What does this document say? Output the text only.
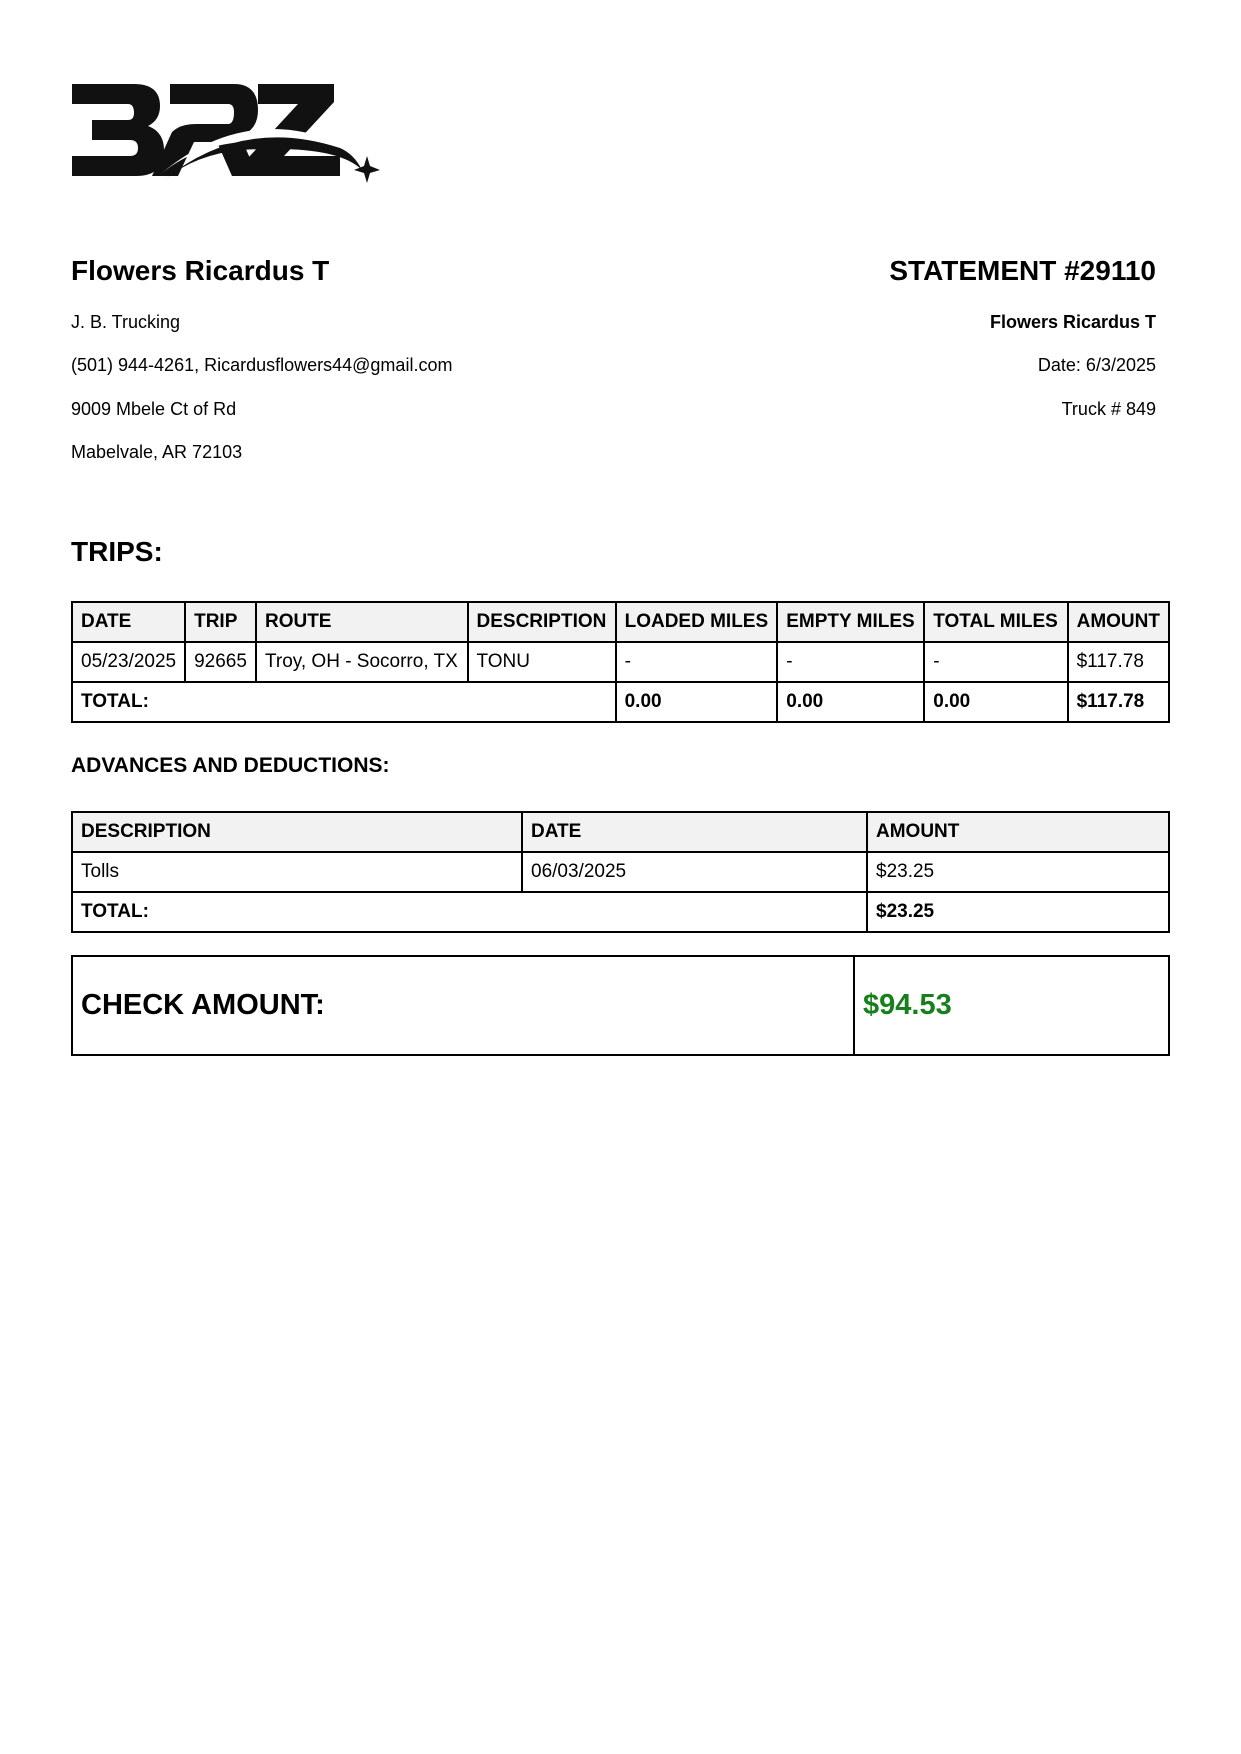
Flowers Ricardus T

J. B. Trucking

(501) 944-4261, Ricardusflowers44@gmail.com

9009 Mbele Ct of Rd

Mabelvale, AR 72103

STATEMENT #29110

Flowers Ricardus T

Date: 6/3/2025

Truck # 849

TRIPS:

DATE	TRIP	ROUTE	DESCRIPTION	LOADED MILES	EMPTY MILES	TOTAL MILES	AMOUNT
05/23/2025	92665	Troy, OH - Socorro, TX	TONU	-	-	-	$117.78
TOTAL:				0.00	0.00	0.00	$117.78

ADVANCES AND DEDUCTIONS:

DESCRIPTION	DATE	AMOUNT
Tolls	06/03/2025	$23.25
TOTAL:		$23.25
CHECK AMOUNT:	$94.53
